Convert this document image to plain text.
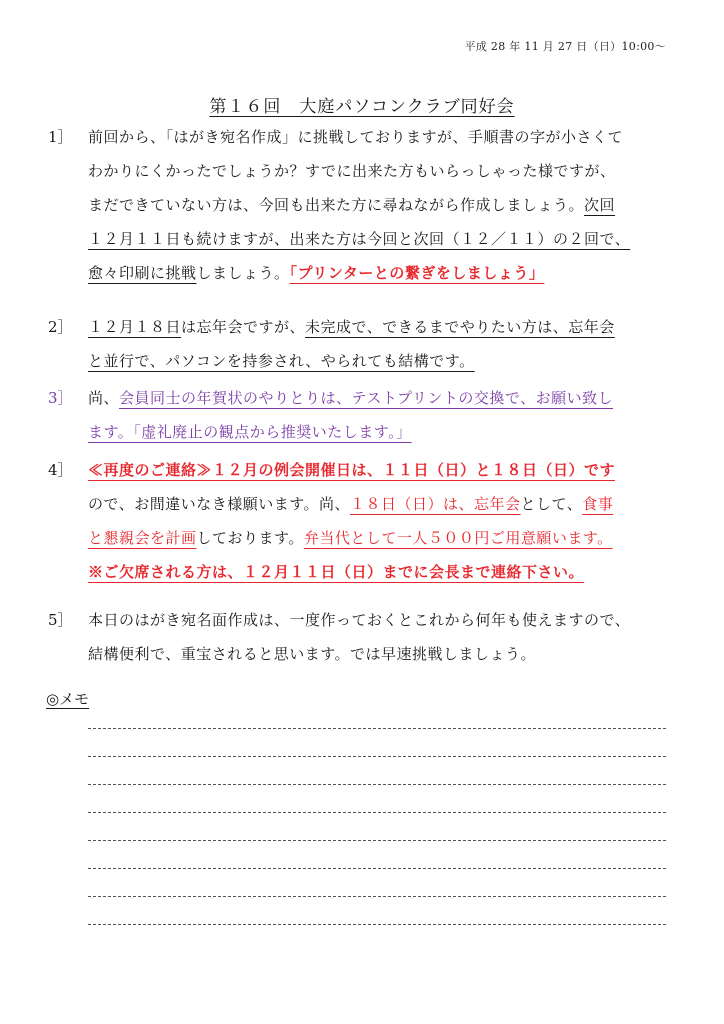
平成 28 年 11 月 27 日（日）10:00～
第１６回　大庭パソコンクラブ同好会
1］	前回から、「はがき宛名作成」に挑戦しておりますが、手順書の字が小さくて
わかりにくかったでしょうか？すでに出来た方もいらっしゃった様ですが、
まだできていない方は、今回も出来た方に尋ねながら作成しましょう。次回
１２月１１日も続けますが、出来た方は今回と次回（１２／１１）の２回で、
愈々印刷に挑戦しましょう。「プリンターとの繋ぎをしましょう」
2］	１２月１８日は忘年会ですが、未完成で、できるまでやりたい方は、忘年会
と並行で、パソコンを持参され、やられても結構です。
3］	尚、会員同士の年賀状のやりとりは、テストプリントの交換で、お願い致し
ます。「虚礼廃止の観点から推奨いたします。」
4］	≪再度のご連絡≫１２月の例会開催日は、１１日（日）と１８日（日）です
ので、お間違いなき様願います。尚、１８日（日）は、忘年会として、食事
と懇親会を計画しております。弁当代として一人５００円ご用意願います。
※ご欠席される方は、１２月１１日（日）までに会長まで連絡下さい。
5］	本日のはがき宛名面作成は、一度作っておくとこれから何年も使えますので、
結構便利で、重宝されると思います。では早速挑戦しましょう。
◎メモ
